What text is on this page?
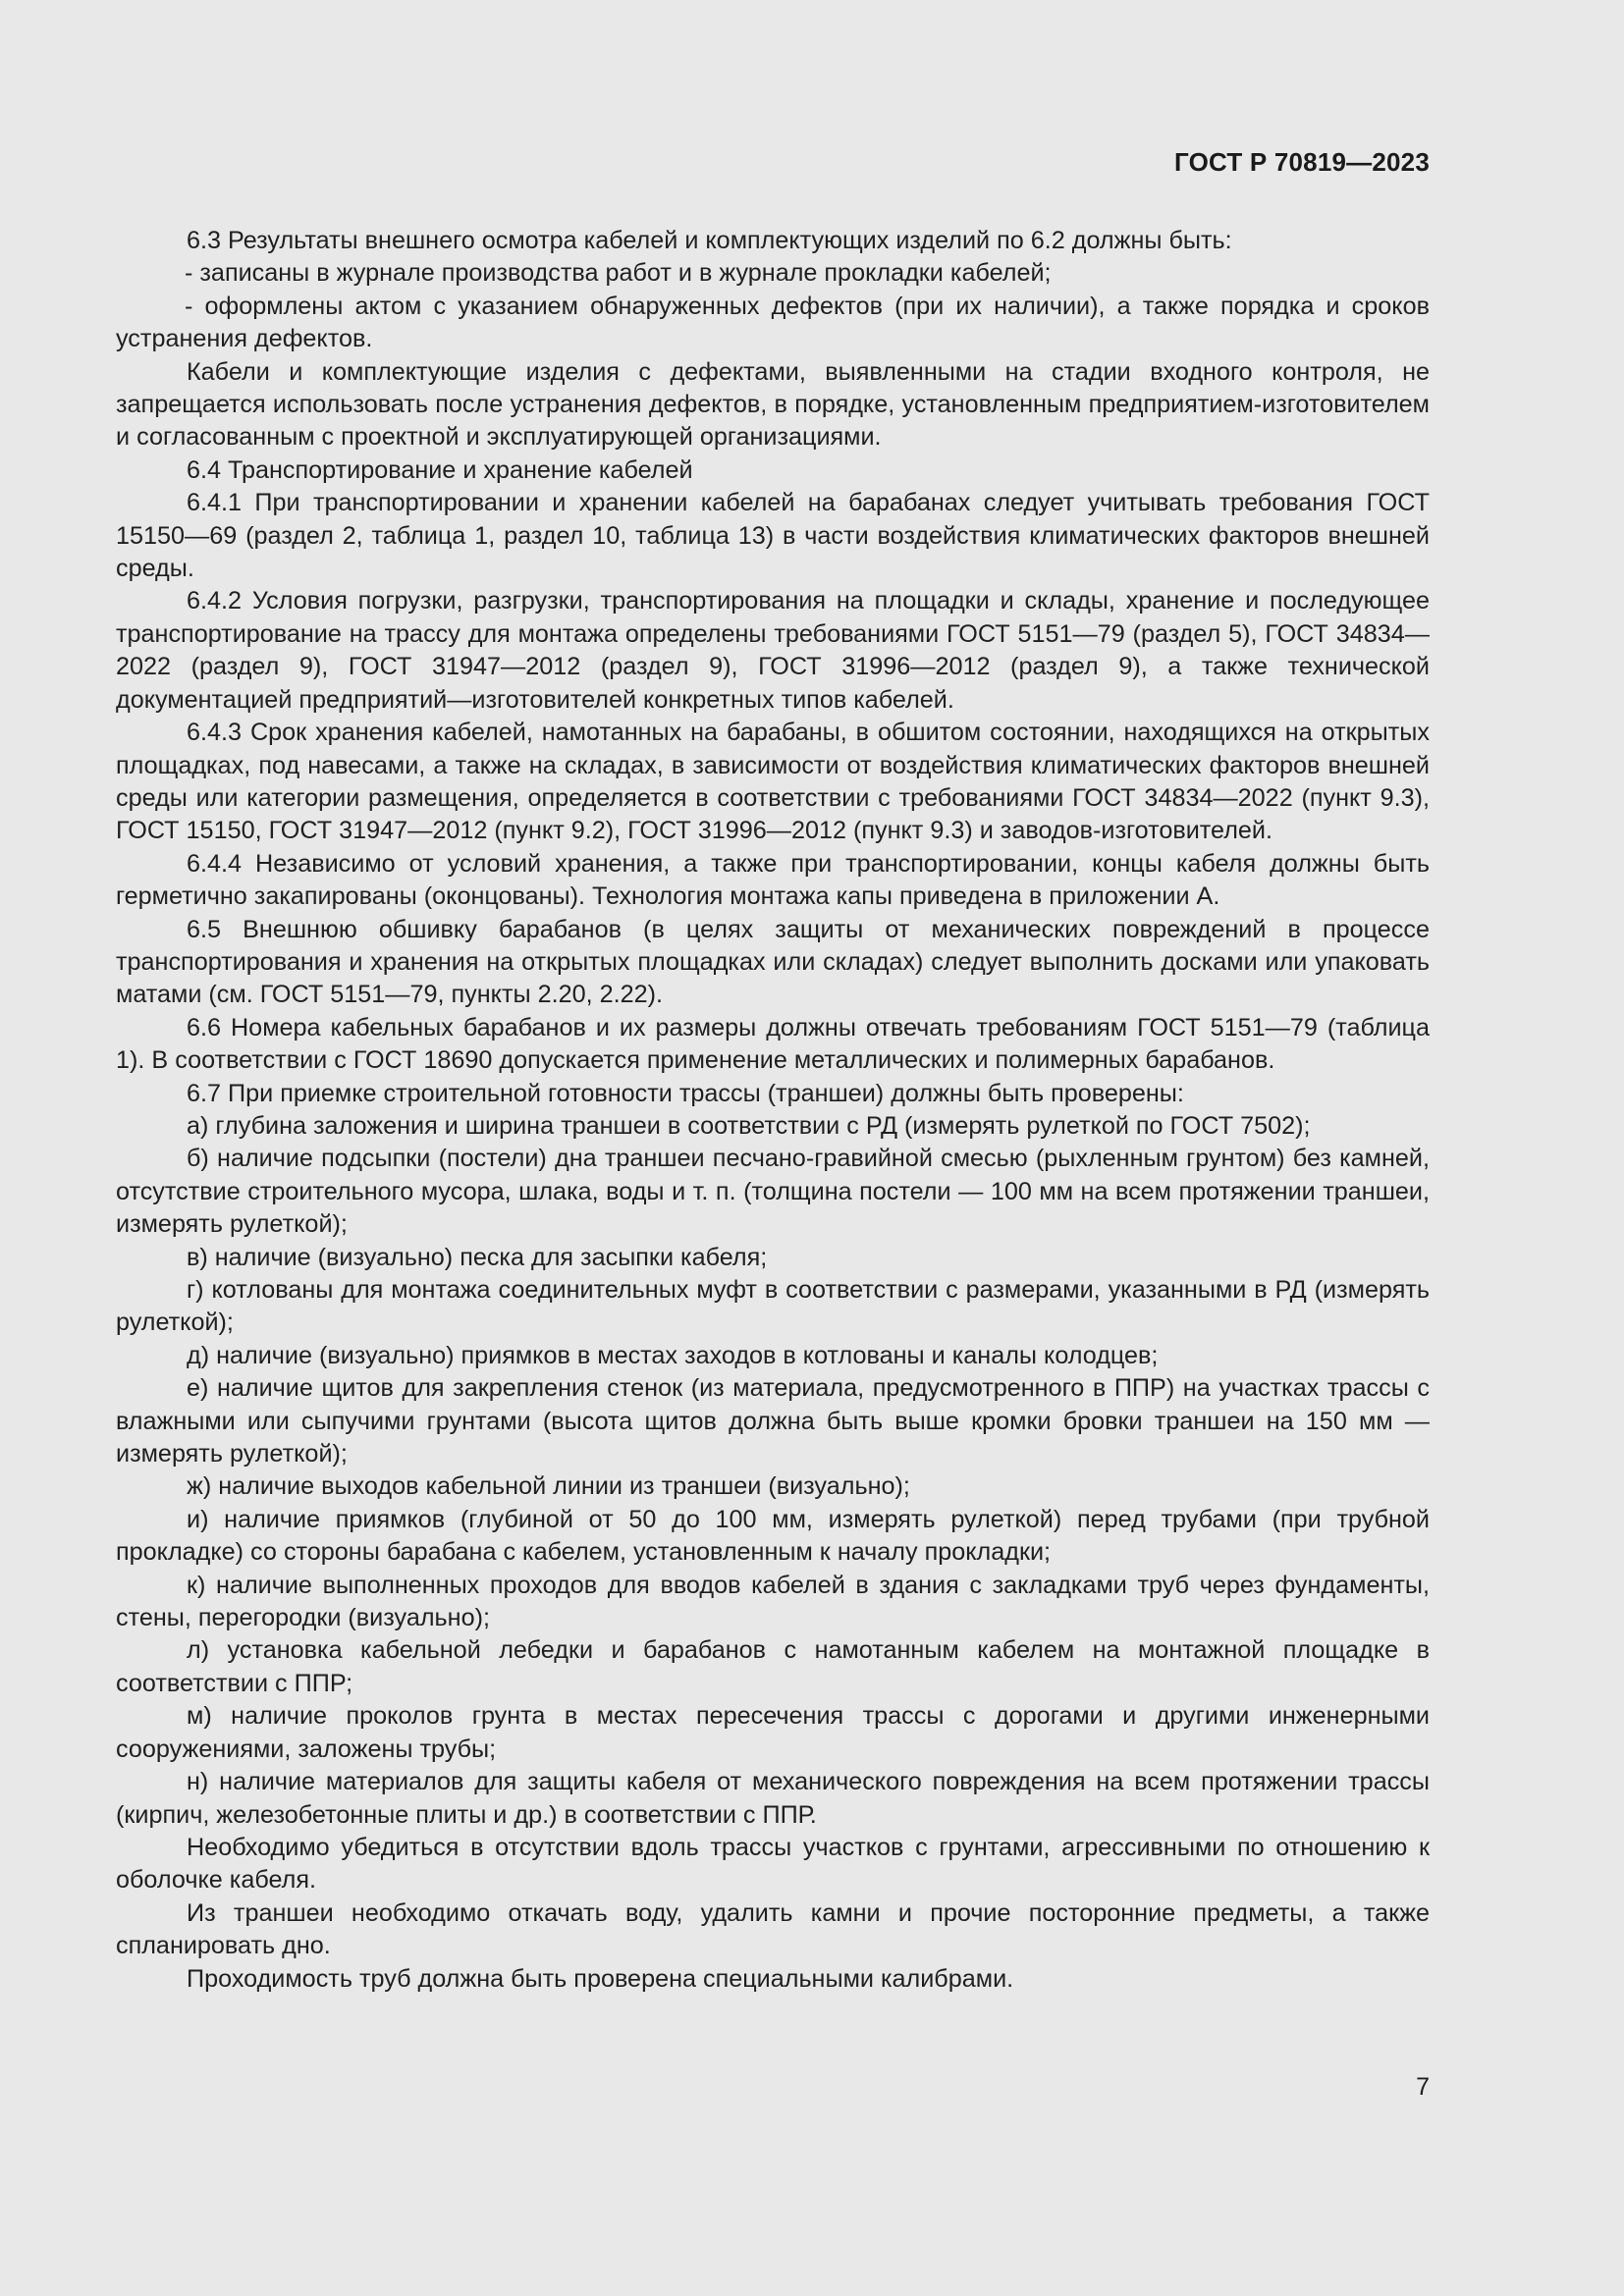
ГОСТ Р 70819—2023

6.3 Результаты внешнего осмотра кабелей и комплектующих изделий по 6.2 должны быть:

- записаны в журнале производства работ и в журнале прокладки кабелей;

- оформлены актом с указанием обнаруженных дефектов (при их наличии), а также порядка и сроков устранения дефектов.

Кабели и комплектующие изделия с дефектами, выявленными на стадии входного контроля, не запрещается использовать после устранения дефектов, в порядке, установленным предприятием-изготовителем и согласованным с проектной и эксплуатирующей организациями.

6.4 Транспортирование и хранение кабелей

6.4.1 При транспортировании и хранении кабелей на барабанах следует учитывать требования ГОСТ 15150—69 (раздел 2, таблица 1, раздел 10, таблица 13) в части воздействия климатических факторов внешней среды.

6.4.2 Условия погрузки, разгрузки, транспортирования на площадки и склады, хранение и последующее транспортирование на трассу для монтажа определены требованиями ГОСТ 5151—79 (раздел 5), ГОСТ 34834—2022 (раздел 9), ГОСТ 31947—2012 (раздел 9), ГОСТ 31996—2012 (раздел 9), а также технической документацией предприятий—изготовителей конкретных типов кабелей.

6.4.3 Срок хранения кабелей, намотанных на барабаны, в обшитом состоянии, находящихся на открытых площадках, под навесами, а также на складах, в зависимости от воздействия климатических факторов внешней среды или категории размещения, определяется в соответствии с требованиями ГОСТ 34834—2022 (пункт 9.3), ГОСТ 15150, ГОСТ 31947—2012 (пункт 9.2), ГОСТ 31996—2012 (пункт 9.3) и заводов-изготовителей.

6.4.4 Независимо от условий хранения, а также при транспортировании, концы кабеля должны быть герметично закапированы (оконцованы). Технология монтажа капы приведена в приложении А.

6.5 Внешнюю обшивку барабанов (в целях защиты от механических повреждений в процессе транспортирования и хранения на открытых площадках или складах) следует выполнить досками или упаковать матами (см. ГОСТ 5151—79, пункты 2.20, 2.22).

6.6 Номера кабельных барабанов и их размеры должны отвечать требованиям ГОСТ 5151—79 (таблица 1). В соответствии с ГОСТ 18690 допускается применение металлических и полимерных барабанов.

6.7 При приемке строительной готовности трассы (траншеи) должны быть проверены:

а) глубина заложения и ширина траншеи в соответствии с РД (измерять рулеткой по ГОСТ 7502);

б) наличие подсыпки (постели) дна траншеи песчано-гравийной смесью (рыхленным грунтом) без камней, отсутствие строительного мусора, шлака, воды и т. п. (толщина постели — 100 мм на всем протяжении траншеи, измерять рулеткой);

в) наличие (визуально) песка для засыпки кабеля;

г) котлованы для монтажа соединительных муфт в соответствии с размерами, указанными в РД (измерять рулеткой);

д) наличие (визуально) приямков в местах заходов в котлованы и каналы колодцев;

е) наличие щитов для закрепления стенок (из материала, предусмотренного в ППР) на участках трассы с влажными или сыпучими грунтами (высота щитов должна быть выше кромки бровки траншеи на 150 мм — измерять рулеткой);

ж) наличие выходов кабельной линии из траншеи (визуально);

и) наличие приямков (глубиной от 50 до 100 мм, измерять рулеткой) перед трубами (при трубной прокладке) со стороны барабана с кабелем, установленным к началу прокладки;

к) наличие выполненных проходов для вводов кабелей в здания с закладками труб через фундаменты, стены, перегородки (визуально);

л) установка кабельной лебедки и барабанов с намотанным кабелем на монтажной площадке в соответствии с ППР;

м) наличие проколов грунта в местах пересечения трассы с дорогами и другими инженерными сооружениями, заложены трубы;

н) наличие материалов для защиты кабеля от механического повреждения на всем протяжении трассы (кирпич, железобетонные плиты и др.) в соответствии с ППР.

Необходимо убедиться в отсутствии вдоль трассы участков с грунтами, агрессивными по отношению к оболочке кабеля.

Из траншеи необходимо откачать воду, удалить камни и прочие посторонние предметы, а также спланировать дно.

Проходимость труб должна быть проверена специальными калибрами.

7
